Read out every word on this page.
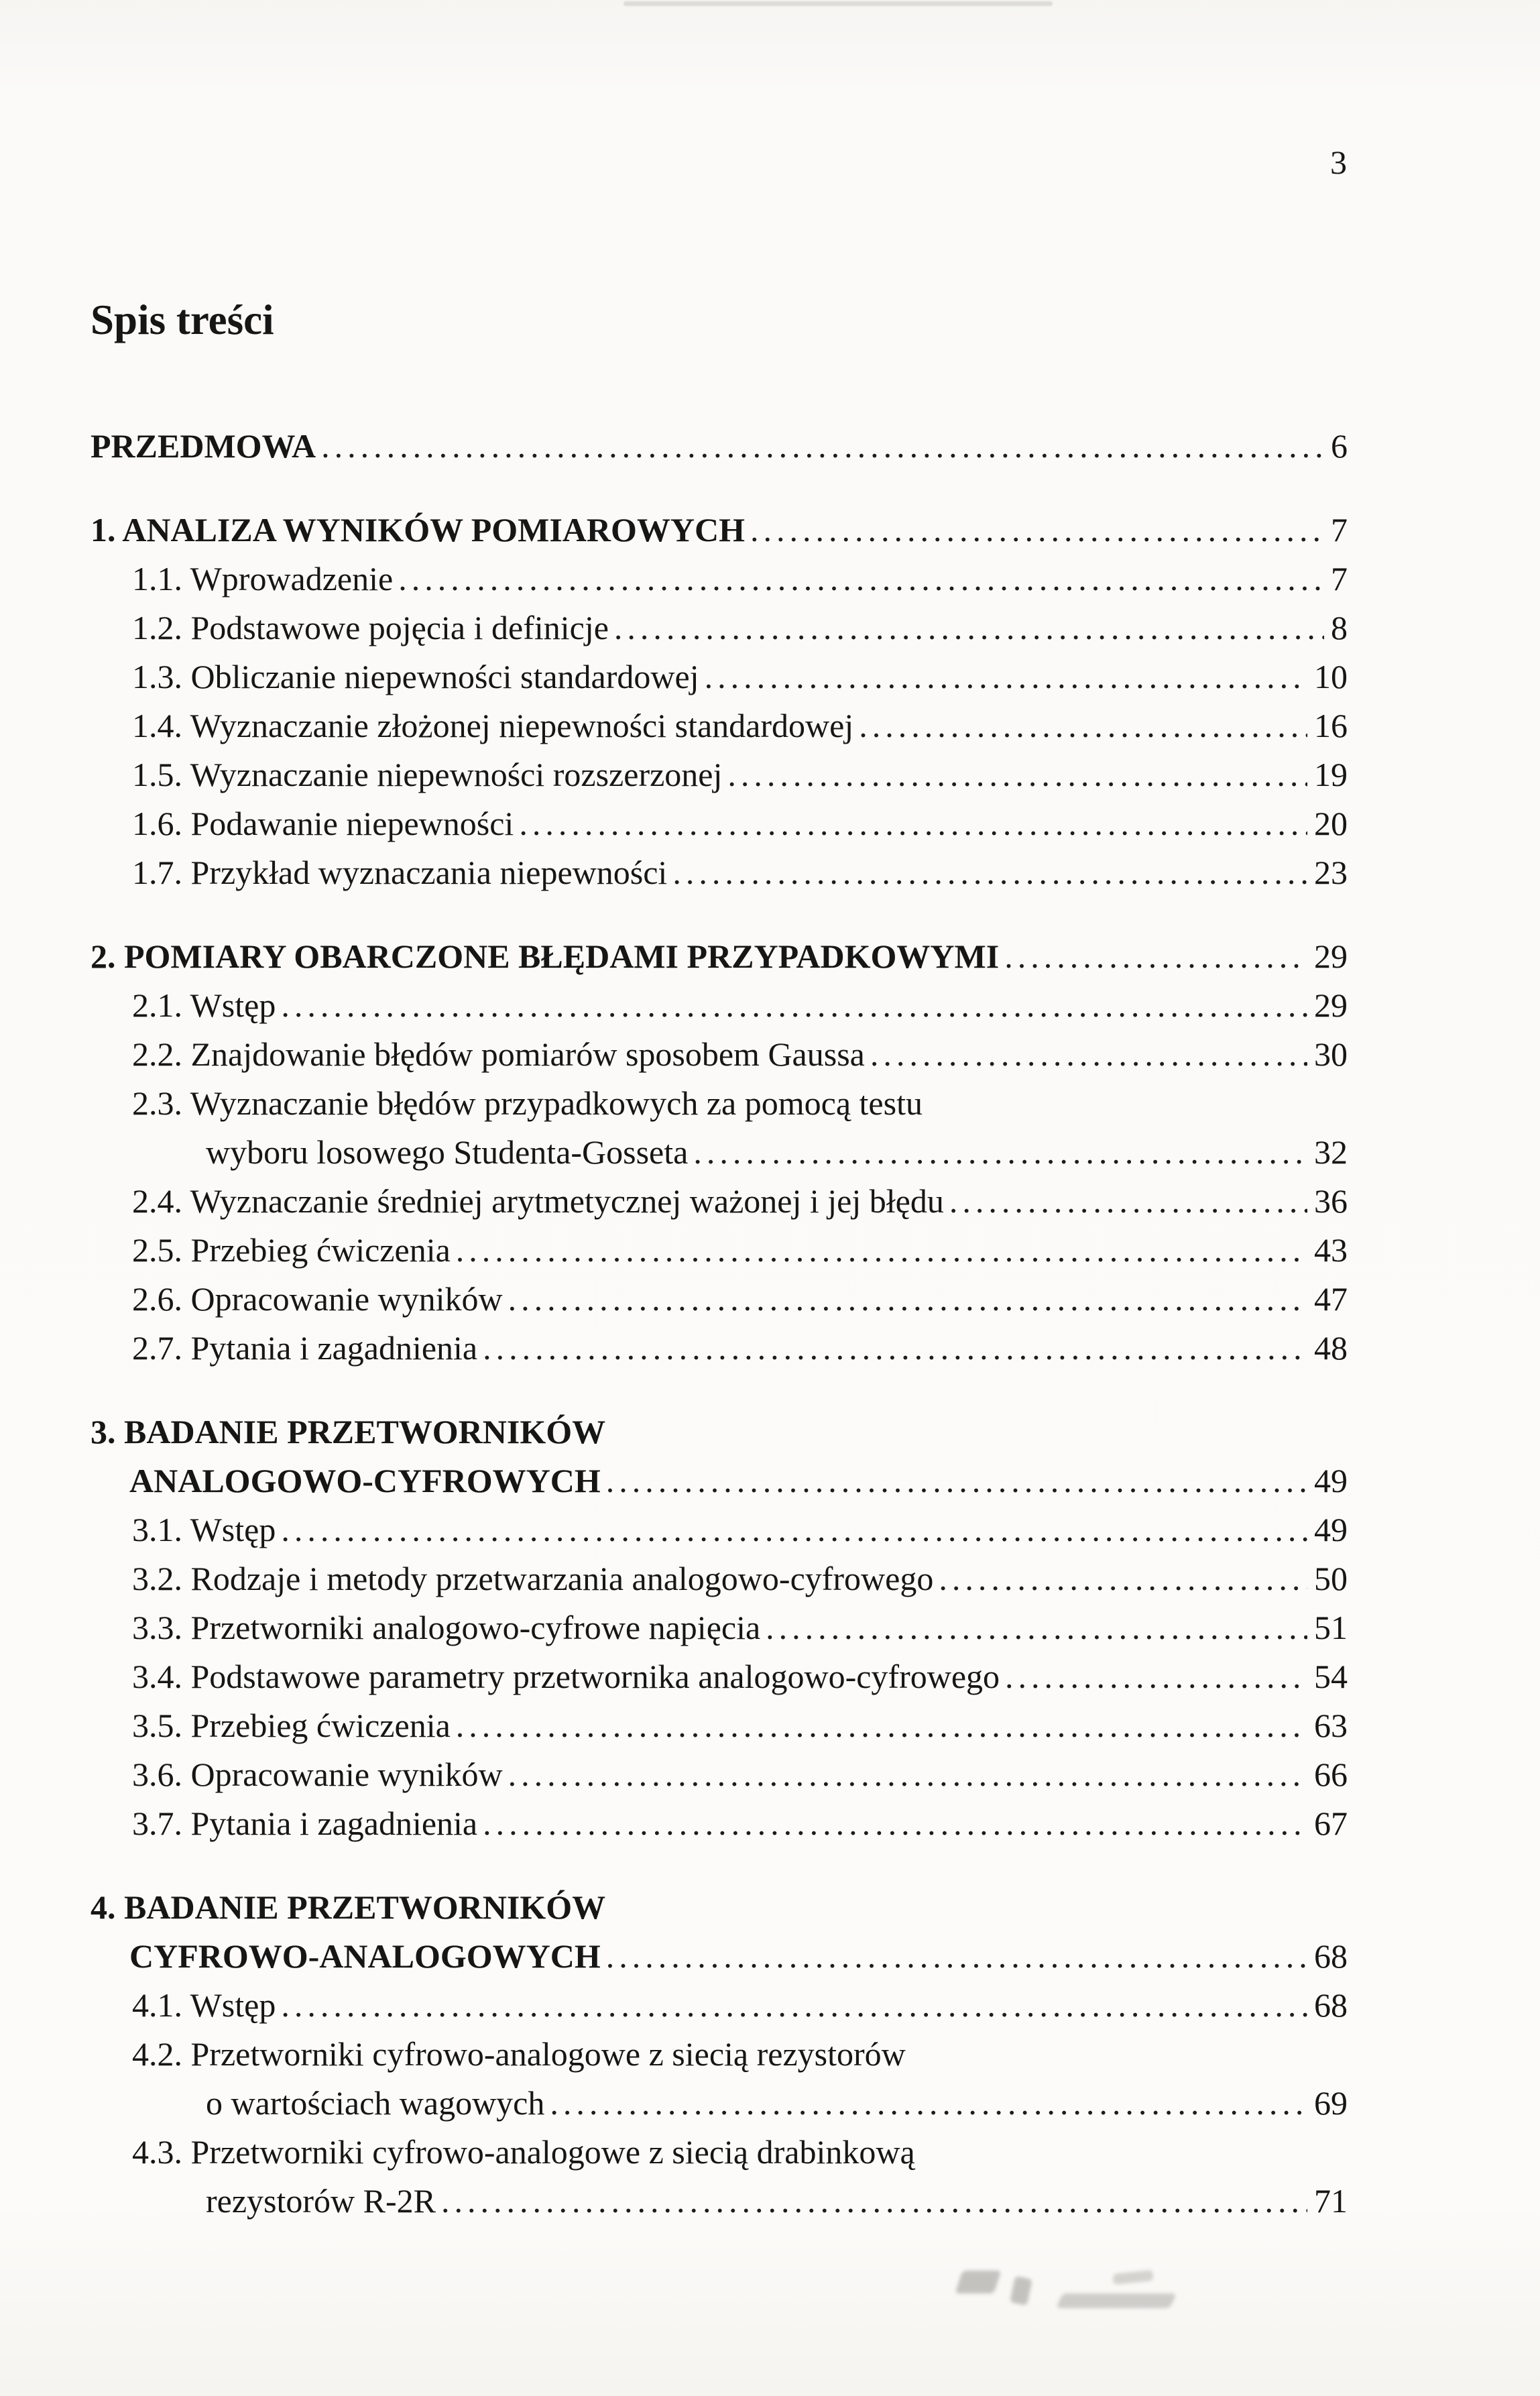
3
Spis treści
PRZEDMOWA .....	6
1. ANALIZA WYNIKÓW POMIAROWYCH .....	7
1.1. Wprowadzenie .....	7
1.2. Podstawowe pojęcia i definicje .....	8
1.3. Obliczanie niepewności standardowej .....	10
1.4. Wyznaczanie złożonej niepewności standardowej .....	16
1.5. Wyznaczanie niepewności rozszerzonej .....	19
1.6. Podawanie niepewności .....	20
1.7. Przykład wyznaczania niepewności .....	23
2. POMIARY OBARCZONE BŁĘDAMI PRZYPADKOWYMI .....	29
2.1. Wstęp .....	29
2.2. Znajdowanie błędów pomiarów sposobem Gaussa .....	30
2.3. Wyznaczanie błędów przypadkowych za pomocą testu
wyboru losowego Studenta-Gosseta .....	32
2.4. Wyznaczanie średniej arytmetycznej ważonej i jej błędu .....	36
2.5. Przebieg ćwiczenia .....	43
2.6. Opracowanie wyników .....	47
2.7. Pytania i zagadnienia .....	48
3. BADANIE PRZETWORNIKÓW
ANALOGOWO-CYFROWYCH .....	49
3.1. Wstęp .....	49
3.2. Rodzaje i metody przetwarzania analogowo-cyfrowego .....	50
3.3. Przetworniki analogowo-cyfrowe napięcia .....	51
3.4. Podstawowe parametry przetwornika analogowo-cyfrowego .....	54
3.5. Przebieg ćwiczenia .....	63
3.6. Opracowanie wyników .....	66
3.7. Pytania i zagadnienia .....	67
4. BADANIE PRZETWORNIKÓW
CYFROWO-ANALOGOWYCH .....	68
4.1. Wstęp .....	68
4.2. Przetworniki cyfrowo-analogowe z siecią rezystorów
o wartościach wagowych .....	69
4.3. Przetworniki cyfrowo-analogowe z siecią drabinkową
rezystorów R-2R .....	71
